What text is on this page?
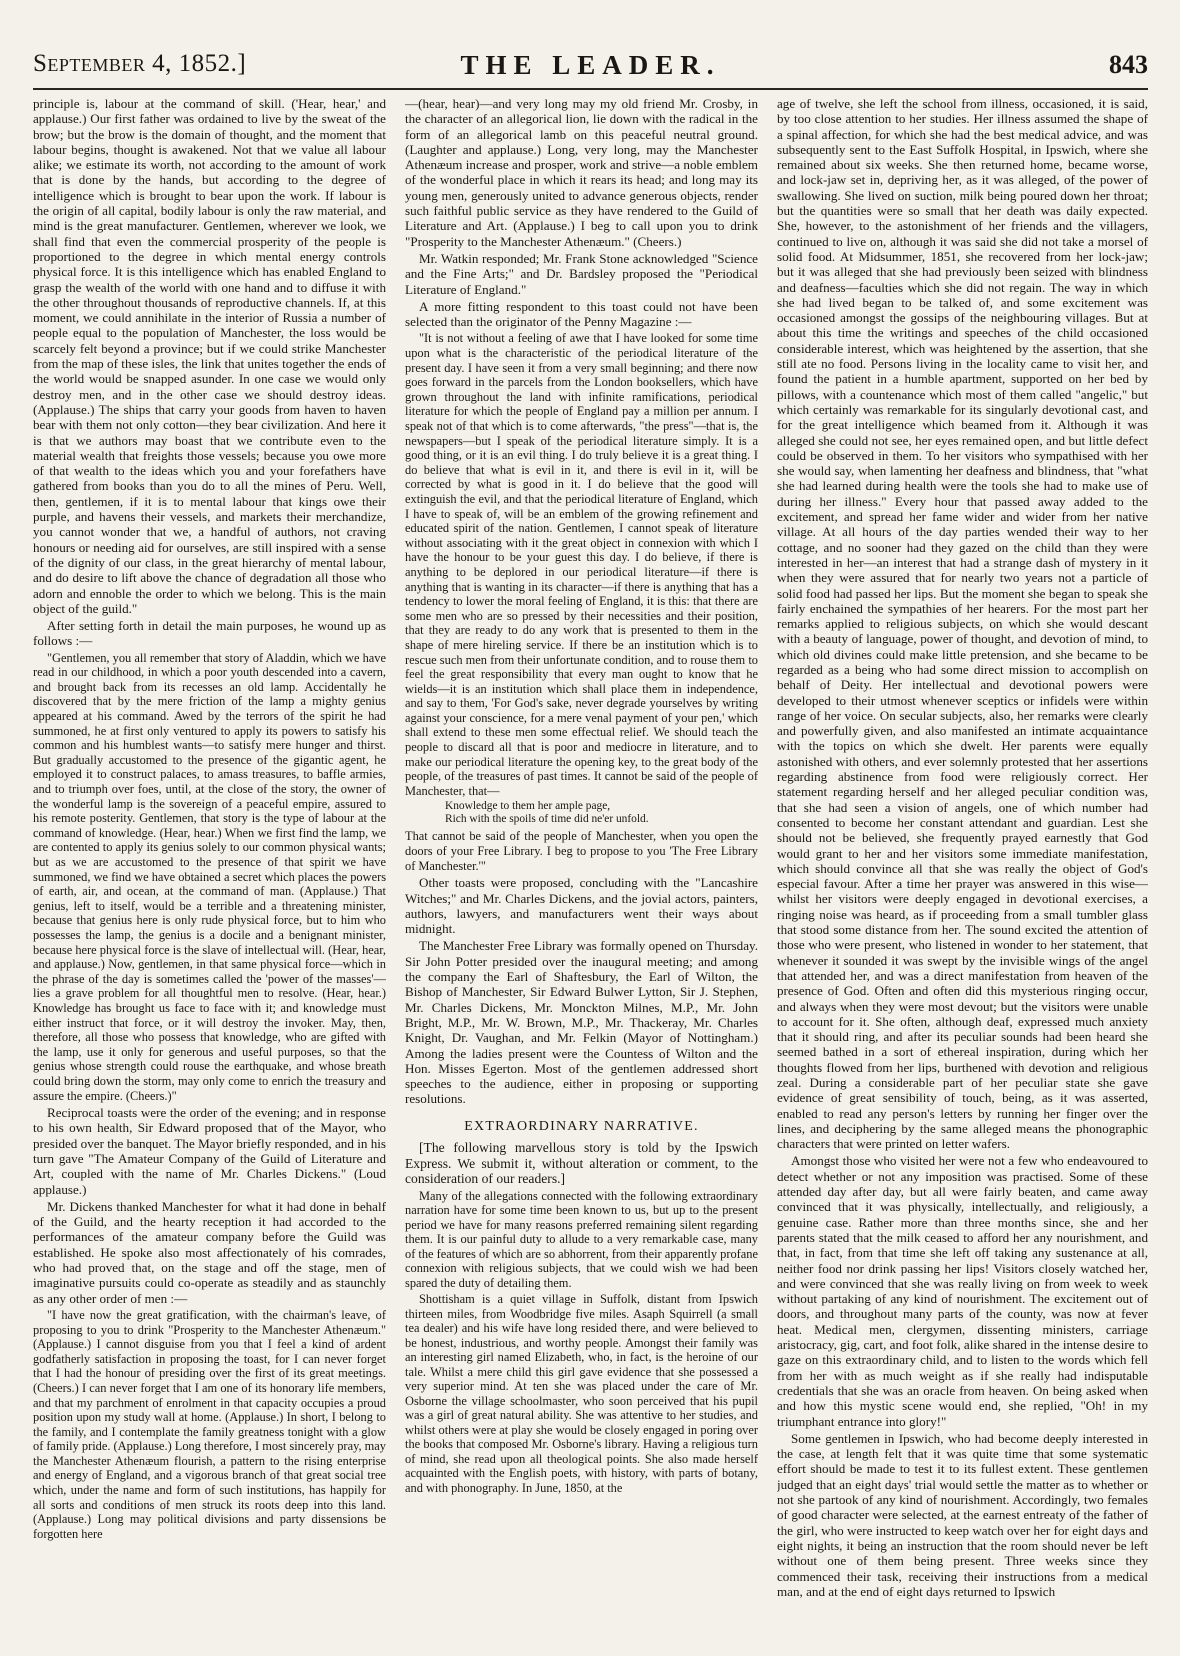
September 4, 1852.]	THE LEADER.	843

principle is, labour at the command of skill. ('Hear, hear,' and applause.) Our first father was ordained to live by the sweat of the brow; but the brow is the domain of thought, and the moment that labour begins, thought is awakened. Not that we value all labour alike; we estimate its worth, not according to the amount of work that is done by the hands, but according to the degree of intelligence which is brought to bear upon the work. If labour is the origin of all capital, bodily labour is only the raw material, and mind is the great manufacturer. Gentlemen, wherever we look, we shall find that even the commercial prosperity of the people is proportioned to the degree in which mental energy controls physical force. It is this intelligence which has enabled England to grasp the wealth of the world with one hand and to diffuse it with the other throughout thousands of reproductive channels. If, at this moment, we could annihilate in the interior of Russia a number of people equal to the population of Manchester, the loss would be scarcely felt beyond a province; but if we could strike Manchester from the map of these isles, the link that unites together the ends of the world would be snapped asunder. In one case we would only destroy men, and in the other case we should destroy ideas. (Applause.) The ships that carry your goods from haven to haven bear with them not only cotton—they bear civilization. And here it is that we authors may boast that we contribute even to the material wealth that freights those vessels; because you owe more of that wealth to the ideas which you and your forefathers have gathered from books than you do to all the mines of Peru. Well, then, gentlemen, if it is to mental labour that kings owe their purple, and havens their vessels, and markets their merchandize, you cannot wonder that we, a handful of authors, not craving honours or needing aid for ourselves, are still inspired with a sense of the dignity of our class, in the great hierarchy of mental labour, and do desire to lift above the chance of degradation all those who adorn and ennoble the order to which we belong. This is the main object of the guild."

After setting forth in detail the main purposes, he wound up as follows :—

"Gentlemen, you all remember that story of Aladdin, which we have read in our childhood, in which a poor youth descended into a cavern, and brought back from its recesses an old lamp. Accidentally he discovered that by the mere friction of the lamp a mighty genius appeared at his command. Awed by the terrors of the spirit he had summoned, he at first only ventured to apply its powers to satisfy his common and his humblest wants—to satisfy mere hunger and thirst. But gradually accustomed to the presence of the gigantic agent, he employed it to construct palaces, to amass treasures, to baffle armies, and to triumph over foes, until, at the close of the story, the owner of the wonderful lamp is the sovereign of a peaceful empire, assured to his remote posterity. Gentlemen, that story is the type of labour at the command of knowledge. (Hear, hear.) When we first find the lamp, we are contented to apply its genius solely to our common physical wants; but as we are accustomed to the presence of that spirit we have summoned, we find we have obtained a secret which places the powers of earth, air, and ocean, at the command of man. (Applause.) That genius, left to itself, would be a terrible and a threatening minister, because that genius here is only rude physical force, but to him who possesses the lamp, the genius is a docile and a benignant minister, because here physical force is the slave of intellectual will. (Hear, hear, and applause.) Now, gentlemen, in that same physical force—which in the phrase of the day is sometimes called the 'power of the masses'—lies a grave problem for all thoughtful men to resolve. (Hear, hear.) Knowledge has brought us face to face with it; and knowledge must either instruct that force, or it will destroy the invoker. May, then, therefore, all those who possess that knowledge, who are gifted with the lamp, use it only for generous and useful purposes, so that the genius whose strength could rouse the earthquake, and whose breath could bring down the storm, may only come to enrich the treasury and assure the empire. (Cheers.)"

Reciprocal toasts were the order of the evening; and in response to his own health, Sir Edward proposed that of the Mayor, who presided over the banquet. The Mayor briefly responded, and in his turn gave "The Amateur Company of the Guild of Literature and Art, coupled with the name of Mr. Charles Dickens." (Loud applause.)

Mr. Dickens thanked Manchester for what it had done in behalf of the Guild, and the hearty reception it had accorded to the performances of the amateur company before the Guild was established. He spoke also most affectionately of his comrades, who had proved that, on the stage and off the stage, men of imaginative pursuits could co-operate as steadily and as staunchly as any other order of men :—

"I have now the great gratification, with the chairman's leave, of proposing to you to drink "Prosperity to the Manchester Athenæum." (Applause.) I cannot disguise from you that I feel a kind of ardent godfatherly satisfaction in proposing the toast, for I can never forget that I had the honour of presiding over the first of its great meetings. (Cheers.) I can never forget that I am one of its honorary life members, and that my parchment of enrolment in that capacity occupies a proud position upon my study wall at home. (Applause.) In short, I belong to the family, and I contemplate the family greatness tonight with a glow of family pride. (Applause.) Long therefore, I most sincerely pray, may the Manchester Athenæum flourish, a pattern to the rising enterprise and energy of England, and a vigorous branch of that great social tree which, under the name and form of such institutions, has happily for all sorts and conditions of men struck its roots deep into this land. (Applause.) Long may political divisions and party dissensions be forgotten here

—(hear, hear)—and very long may my old friend Mr. Crosby, in the character of an allegorical lion, lie down with the radical in the form of an allegorical lamb on this peaceful neutral ground. (Laughter and applause.) Long, very long, may the Manchester Athenæum increase and prosper, work and strive—a noble emblem of the wonderful place in which it rears its head; and long may its young men, generously united to advance generous objects, render such faithful public service as they have rendered to the Guild of Literature and Art. (Applause.) I beg to call upon you to drink "Prosperity to the Manchester Athenæum." (Cheers.)

Mr. Watkin responded; Mr. Frank Stone acknowledged "Science and the Fine Arts;" and Dr. Bardsley proposed the "Periodical Literature of England."

A more fitting respondent to this toast could not have been selected than the originator of the Penny Magazine :—

"It is not without a feeling of awe that I have looked for some time upon what is the characteristic of the periodical literature of the present day. I have seen it from a very small beginning; and there now goes forward in the parcels from the London booksellers, which have grown throughout the land with infinite ramifications, periodical literature for which the people of England pay a million per annum. I speak not of that which is to come afterwards, "the press"—that is, the newspapers—but I speak of the periodical literature simply. It is a good thing, or it is an evil thing. I do truly believe it is a great thing. I do believe that what is evil in it, and there is evil in it, will be corrected by what is good in it. I do believe that the good will extinguish the evil, and that the periodical literature of England, which I have to speak of, will be an emblem of the growing refinement and educated spirit of the nation. Gentlemen, I cannot speak of literature without associating with it the great object in connexion with which I have the honour to be your guest this day. I do believe, if there is anything to be deplored in our periodical literature—if there is anything that is wanting in its character—if there is anything that has a tendency to lower the moral feeling of England, it is this: that there are some men who are so pressed by their necessities and their position, that they are ready to do any work that is presented to them in the shape of mere hireling service. If there be an institution which is to rescue such men from their unfortunate condition, and to rouse them to feel the great responsibility that every man ought to know that he wields—it is an institution which shall place them in independence, and say to them, 'For God's sake, never degrade yourselves by writing against your conscience, for a mere venal payment of your pen,' which shall extend to these men some effectual relief. We should teach the people to discard all that is poor and mediocre in literature, and to make our periodical literature the opening key, to the great body of the people, of the treasures of past times. It cannot be said of the people of Manchester, that—

Knowledge to them her ample page,
Rich with the spoils of time did ne'er unfold.

That cannot be said of the people of Manchester, when you open the doors of your Free Library. I beg to propose to you 'The Free Library of Manchester.'"

Other toasts were proposed, concluding with the "Lancashire Witches;" and Mr. Charles Dickens, and the jovial actors, painters, authors, lawyers, and manufacturers went their ways about midnight.

The Manchester Free Library was formally opened on Thursday. Sir John Potter presided over the inaugural meeting; and among the company the Earl of Shaftesbury, the Earl of Wilton, the Bishop of Manchester, Sir Edward Bulwer Lytton, Sir J. Stephen, Mr. Charles Dickens, Mr. Monckton Milnes, M.P., Mr. John Bright, M.P., Mr. W. Brown, M.P., Mr. Thackeray, Mr. Charles Knight, Dr. Vaughan, and Mr. Felkin (Mayor of Nottingham.) Among the ladies present were the Countess of Wilton and the Hon. Misses Egerton. Most of the gentlemen addressed short speeches to the audience, either in proposing or supporting resolutions.

EXTRAORDINARY NARRATIVE.

[The following marvellous story is told by the Ipswich Express. We submit it, without alteration or comment, to the consideration of our readers.]

Many of the allegations connected with the following extraordinary narration have for some time been known to us, but up to the present period we have for many reasons preferred remaining silent regarding them. It is our painful duty to allude to a very remarkable case, many of the features of which are so abhorrent, from their apparently profane connexion with religious subjects, that we could wish we had been spared the duty of detailing them.

Shottisham is a quiet village in Suffolk, distant from Ipswich thirteen miles, from Woodbridge five miles. Asaph Squirrell (a small tea dealer) and his wife have long resided there, and were believed to be honest, industrious, and worthy people. Amongst their family was an interesting girl named Elizabeth, who, in fact, is the heroine of our tale. Whilst a mere child this girl gave evidence that she possessed a very superior mind. At ten she was placed under the care of Mr. Osborne the village schoolmaster, who soon perceived that his pupil was a girl of great natural ability. She was attentive to her studies, and whilst others were at play she would be closely engaged in poring over the books that composed Mr. Osborne's library. Having a religious turn of mind, she read upon all theological points. She also made herself acquainted with the English poets, with history, with parts of botany, and with phonography. In June, 1850, at the

age of twelve, she left the school from illness, occasioned, it is said, by too close attention to her studies. Her illness assumed the shape of a spinal affection, for which she had the best medical advice, and was subsequently sent to the East Suffolk Hospital, in Ipswich, where she remained about six weeks. She then returned home, became worse, and lock-jaw set in, depriving her, as it was alleged, of the power of swallowing. She lived on suction, milk being poured down her throat; but the quantities were so small that her death was daily expected. She, however, to the astonishment of her friends and the villagers, continued to live on, although it was said she did not take a morsel of solid food. At Midsummer, 1851, she recovered from her lock-jaw; but it was alleged that she had previously been seized with blindness and deafness—faculties which she did not regain. The way in which she had lived began to be talked of, and some excitement was occasioned amongst the gossips of the neighbouring villages. But at about this time the writings and speeches of the child occasioned considerable interest, which was heightened by the assertion, that she still ate no food. Persons living in the locality came to visit her, and found the patient in a humble apartment, supported on her bed by pillows, with a countenance which most of them called "angelic," but which certainly was remarkable for its singularly devotional cast, and for the great intelligence which beamed from it. Although it was alleged she could not see, her eyes remained open, and but little defect could be observed in them. To her visitors who sympathised with her she would say, when lamenting her deafness and blindness, that "what she had learned during health were the tools she had to make use of during her illness." Every hour that passed away added to the excitement, and spread her fame wider and wider from her native village. At all hours of the day parties wended their way to her cottage, and no sooner had they gazed on the child than they were interested in her—an interest that had a strange dash of mystery in it when they were assured that for nearly two years not a particle of solid food had passed her lips. But the moment she began to speak she fairly enchained the sympathies of her hearers. For the most part her remarks applied to religious subjects, on which she would descant with a beauty of language, power of thought, and devotion of mind, to which old divines could make little pretension, and she became to be regarded as a being who had some direct mission to accomplish on behalf of Deity. Her intellectual and devotional powers were developed to their utmost whenever sceptics or infidels were within range of her voice. On secular subjects, also, her remarks were clearly and powerfully given, and also manifested an intimate acquaintance with the topics on which she dwelt. Her parents were equally astonished with others, and ever solemnly protested that her assertions regarding abstinence from food were religiously correct. Her statement regarding herself and her alleged peculiar condition was, that she had seen a vision of angels, one of which number had consented to become her constant attendant and guardian. Lest she should not be believed, she frequently prayed earnestly that God would grant to her and her visitors some immediate manifestation, which should convince all that she was really the object of God's especial favour. After a time her prayer was answered in this wise—whilst her visitors were deeply engaged in devotional exercises, a ringing noise was heard, as if proceeding from a small tumbler glass that stood some distance from her. The sound excited the attention of those who were present, who listened in wonder to her statement, that whenever it sounded it was swept by the invisible wings of the angel that attended her, and was a direct manifestation from heaven of the presence of God. Often and often did this mysterious ringing occur, and always when they were most devout; but the visitors were unable to account for it. She often, although deaf, expressed much anxiety that it should ring, and after its peculiar sounds had been heard she seemed bathed in a sort of ethereal inspiration, during which her thoughts flowed from her lips, burthened with devotion and religious zeal. During a considerable part of her peculiar state she gave evidence of great sensibility of touch, being, as it was asserted, enabled to read any person's letters by running her finger over the lines, and deciphering by the same alleged means the phonographic characters that were printed on letter wafers.

Amongst those who visited her were not a few who endeavoured to detect whether or not any imposition was practised. Some of these attended day after day, but all were fairly beaten, and came away convinced that it was physically, intellectually, and religiously, a genuine case. Rather more than three months since, she and her parents stated that the milk ceased to afford her any nourishment, and that, in fact, from that time she left off taking any sustenance at all, neither food nor drink passing her lips! Visitors closely watched her, and were convinced that she was really living on from week to week without partaking of any kind of nourishment. The excitement out of doors, and throughout many parts of the county, was now at fever heat. Medical men, clergymen, dissenting ministers, carriage aristocracy, gig, cart, and foot folk, alike shared in the intense desire to gaze on this extraordinary child, and to listen to the words which fell from her with as much weight as if she really had indisputable credentials that she was an oracle from heaven. On being asked when and how this mystic scene would end, she replied, "Oh! in my triumphant entrance into glory!"

Some gentlemen in Ipswich, who had become deeply interested in the case, at length felt that it was quite time that some systematic effort should be made to test it to its fullest extent. These gentlemen judged that an eight days' trial would settle the matter as to whether or not she partook of any kind of nourishment. Accordingly, two females of good character were selected, at the earnest entreaty of the father of the girl, who were instructed to keep watch over her for eight days and eight nights, it being an instruction that the room should never be left without one of them being present. Three weeks since they commenced their task, receiving their instructions from a medical man, and at the end of eight days returned to Ipswich
